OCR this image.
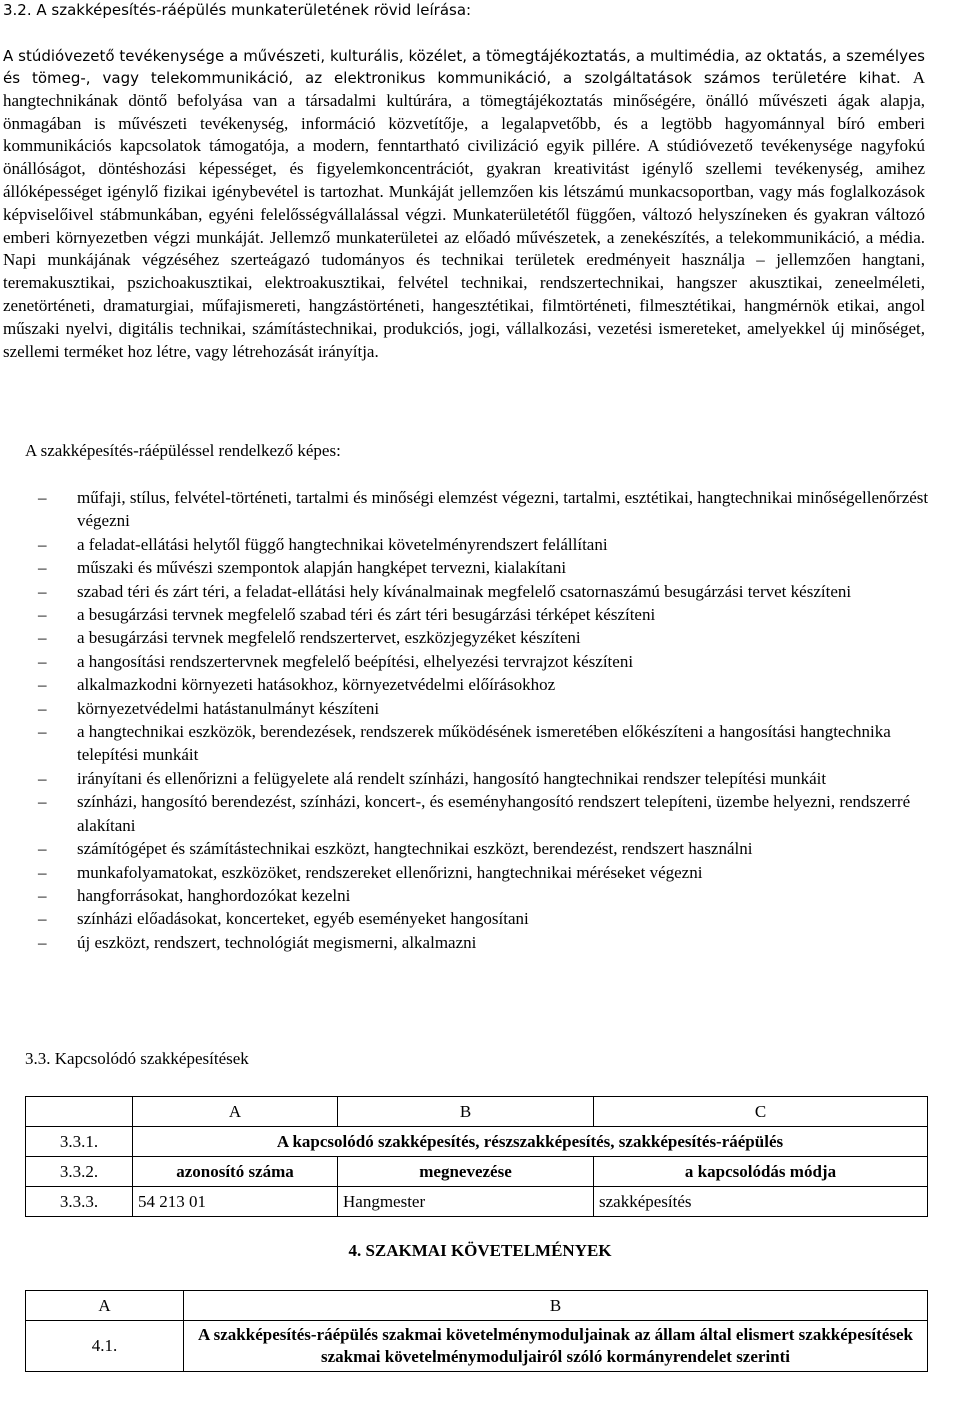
3.2. A szakképesítés-ráépülés munkaterületének rövid leírása:

A stúdióvezető tevékenysége a művészeti, kulturális, közélet, a tömegtájékoztatás, a multimédia, az oktatás, a személyes és tömeg-, vagy telekommunikáció, az elektronikus kommunikáció, a szolgáltatások számos területére kihat. A hangtechnikának döntő befolyása van a társadalmi kultúrára, a tömegtájékoztatás minőségére, önálló művészeti ágak alapja, önmagában is művészeti tevékenység, információ közvetítője, a legalapvetőbb, és a legtöbb hagyománnyal bíró emberi kommunikációs kapcsolatok támogatója, a modern, fenntartható civilizáció egyik pillére. A stúdióvezető tevékenysége nagyfokú önállóságot, döntéshozási képességet, és figyelemkoncentrációt, gyakran kreativitást igénylő szellemi tevékenység, amihez állóképességet igénylő fizikai igénybevétel is tartozhat. Munkáját jellemzően kis létszámú munkacsoportban, vagy más foglalkozások képviselőivel stábmunkában, egyéni felelősségvállalással végzi. Munkaterületétől függően, változó helyszíneken és gyakran változó emberi környezetben végzi munkáját. Jellemző munkaterületei az előadó művészetek, a zenekészítés, a telekommunikáció, a média. Napi munkájának végzéséhez szerteágazó tudományos és technikai területek eredményeit használja – jellemzően hangtani, teremakusztikai, pszichoakusztikai, elektroakusztikai, felvétel technikai, rendszertechnikai, hangszer akusztikai, zeneelméleti, zenetörténeti, dramaturgiai, műfajismereti, hangzástörténeti, hangesztétikai, filmtörténeti, filmesztétikai, hangmérnök etikai, angol műszaki nyelvi, digitális technikai, számítástechnikai, produkciós, jogi, vállalkozási, vezetési ismereteket, amelyekkel új minőséget, szellemi terméket hoz létre, vagy létrehozását irányítja.

A szakképesítés-ráépüléssel rendelkező képes:
– műfaji, stílus, felvétel-történeti, tartalmi és minőségi elemzést végezni, tartalmi, esztétikai, hangtechnikai minőségellenőrzést végezni
– a feladat-ellátási helytől függő hangtechnikai követelményrendszert felállítani
– műszaki és művészi szempontok alapján hangképet tervezni, kialakítani
– szabad téri és zárt téri, a feladat-ellátási hely kívánalmainak megfelelő csatornaszámú besugárzási tervet készíteni
– a besugárzási tervnek megfelelő szabad téri és zárt téri besugárzási térképet készíteni
– a besugárzási tervnek megfelelő rendszertervet, eszközjegyzéket készíteni
– a hangosítási rendszertervnek megfelelő beépítési, elhelyezési tervrajzot készíteni
– alkalmazkodni környezeti hatásokhoz, környezetvédelmi előírásokhoz
– környezetvédelmi hatástanulmányt készíteni
– a hangtechnikai eszközök, berendezések, rendszerek működésének ismeretében előkészíteni a hangosítási hangtechnika telepítési munkáit
– irányítani és ellenőrizni a felügyelete alá rendelt színházi, hangosító hangtechnikai rendszer telepítési munkáit
– színházi, hangosító berendezést, színházi, koncert-, és eseményhangosító rendszert telepíteni, üzembe helyezni, rendszerré alakítani
– számítógépet és számítástechnikai eszközt, hangtechnikai eszközt, berendezést, rendszert használni
– munkafolyamatokat, eszközöket, rendszereket ellenőrizni, hangtechnikai méréseket végezni
– hangforrásokat, hanghordozókat kezelni
– színházi előadásokat, koncerteket, egyéb eseményeket hangosítani
– új eszközt, rendszert, technológiát megismerni, alkalmazni
3.3. Kapcsolódó szakképesítések
	A	B	C
3.3.1.	A kapcsolódó szakképesítés, részszakképesítés, szakképesítés-ráépülés		
3.3.2.	azonosító száma	megnevezése	a kapcsolódás módja
3.3.3.	54 213 01	Hangmester	szakképesítés
4. SZAKMAI KÖVETELMÉNYEK
A	B
4.1.	A szakképesítés-ráépülés szakmai követelménymoduljainak az állam által elismert szakképesítések szakmai követelménymoduljairól szóló kormányrendelet szerinti
